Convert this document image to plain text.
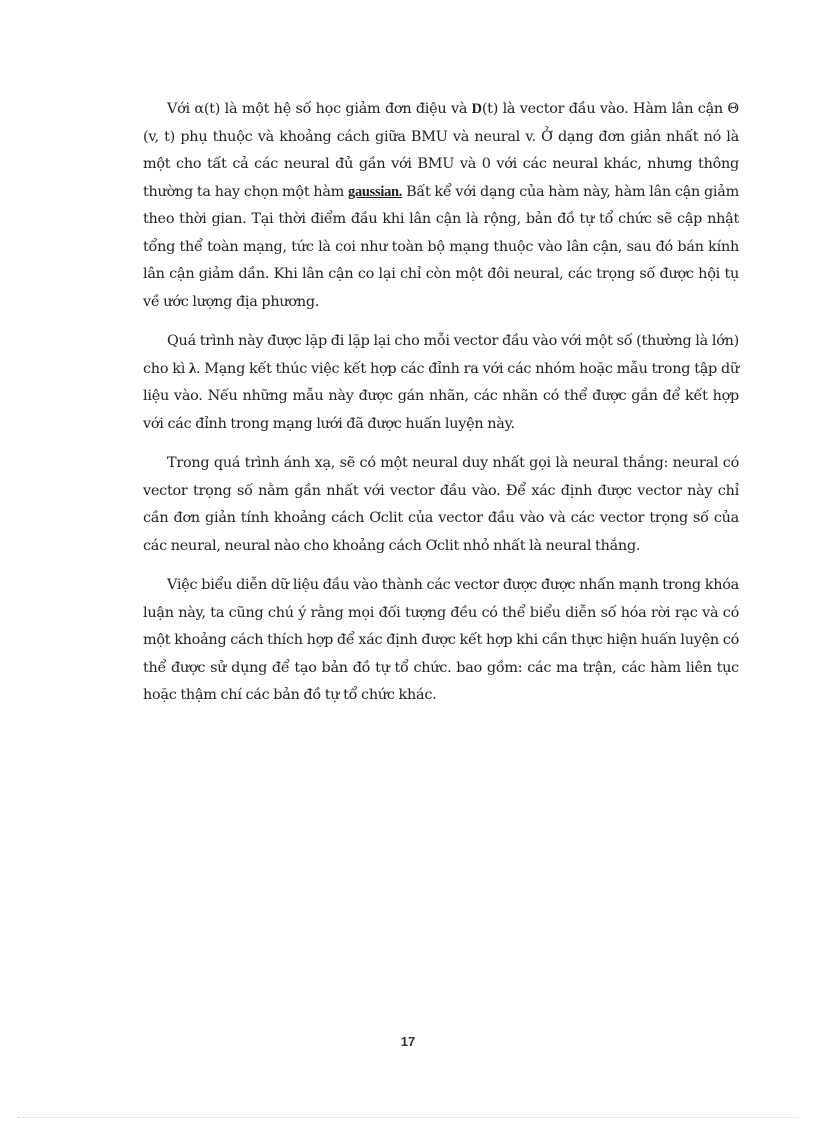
Với α(t) là một hệ số học giảm đơn điệu và D(t) là vector đầu vào. Hàm lân cận Θ (v, t) phụ thuộc và khoảng cách giữa BMU và neural v. Ở dạng đơn giản nhất nó là một cho tất cả các neural đủ gần với BMU và 0 với các neural khác, nhưng thông thường ta hay chọn một hàm gaussian. Bất kể với dạng của hàm này, hàm lân cận giảm theo thời gian. Tại thời điểm đầu khi lân cận là rộng, bản đồ tự tổ chức sẽ cập nhật tổng thể toàn mạng, tức là coi như toàn bộ mạng thuộc vào lân cận, sau đó bán kính lân cận giảm dần. Khi lân cận co lại chỉ còn một đôi neural, các trọng số được hội tụ về ước lượng địa phương.

Quá trình này được lặp đi lặp lại cho mỗi vector đầu vào với một số (thường là lớn) cho kì λ. Mạng kết thúc việc kết hợp các đỉnh ra với các nhóm hoặc mẫu trong tập dữ liệu vào. Nếu những mẫu này được gán nhãn, các nhãn có thể được gắn để kết hợp với các đỉnh trong mạng lưới đã được huấn luyện này.

Trong quá trình ánh xạ, sẽ có một neural duy nhất gọi là neural thắng: neural có vector trọng số nằm gần nhất với vector đầu vào. Để xác định được vector này chỉ cần đơn giản tính khoảng cách Ơclit của vector đầu vào và các vector trọng số của các neural, neural nào cho khoảng cách Ơclit nhỏ nhất là neural thắng.

Việc biểu diễn dữ liệu đầu vào thành các vector được được nhấn mạnh trong khóa luận này, ta cũng chú ý rằng mọi đối tượng đều có thể biểu diễn số hóa rời rạc và có một khoảng cách thích hợp để xác định được kết hợp khi cần thực hiện huấn luyện có thể được sử dụng để tạo bản đồ tự tổ chức. bao gồm: các ma trận, các hàm liên tục hoặc thậm chí các bản đồ tự tổ chức khác.

17
